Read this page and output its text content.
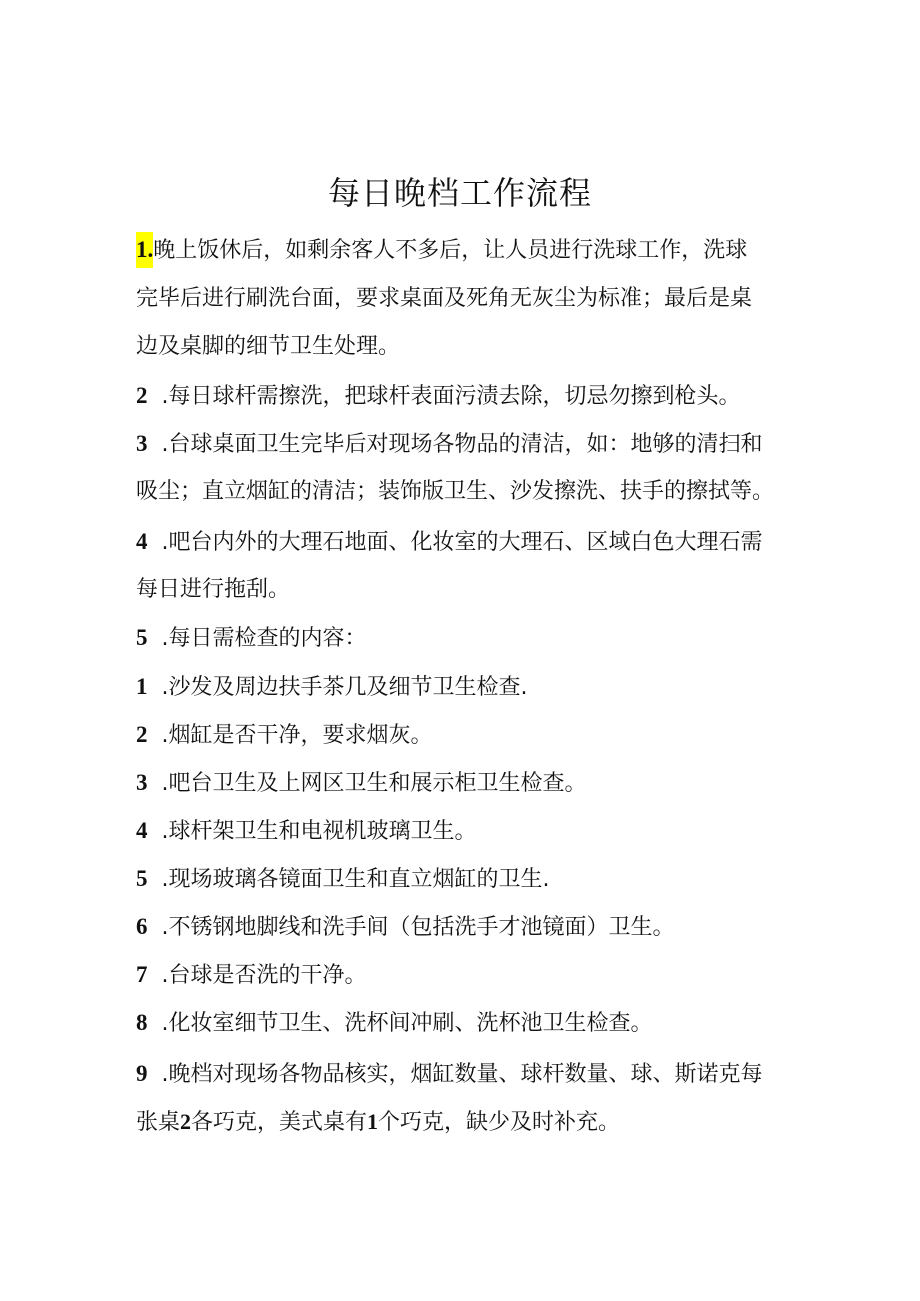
每日晚档工作流程
1.晚上饭休后，如剩余客人不多后，让人员进行洗球工作，洗球
完毕后进行刷洗台面，要求桌面及死角无灰尘为标准；最后是桌
边及桌脚的细节卫生处理。
2 .每日球杆需擦洗，把球杆表面污渍去除，切忌勿擦到枪头。
3 .台球桌面卫生完毕后对现场各物品的清洁，如：地够的清扫和
吸尘；直立烟缸的清洁；装饰版卫生、沙发擦洗、扶手的擦拭等。
4 .吧台内外的大理石地面、化妆室的大理石、区域白色大理石需
每日进行拖刮。
5 .每日需检查的内容：
1 .沙发及周边扶手茶几及细节卫生检查.
2 .烟缸是否干净，要求烟灰。
3 .吧台卫生及上网区卫生和展示柜卫生检查。
4 .球杆架卫生和电视机玻璃卫生。
5 .现场玻璃各镜面卫生和直立烟缸的卫生.
6 .不锈钢地脚线和洗手间（包括洗手才池镜面）卫生。
7 .台球是否洗的干净。
8 .化妆室细节卫生、洗杯间冲刷、洗杯池卫生检查。
9 .晚档对现场各物品核实，烟缸数量、球杆数量、球、斯诺克每
张桌2各巧克，美式桌有1个巧克，缺少及时补充。
